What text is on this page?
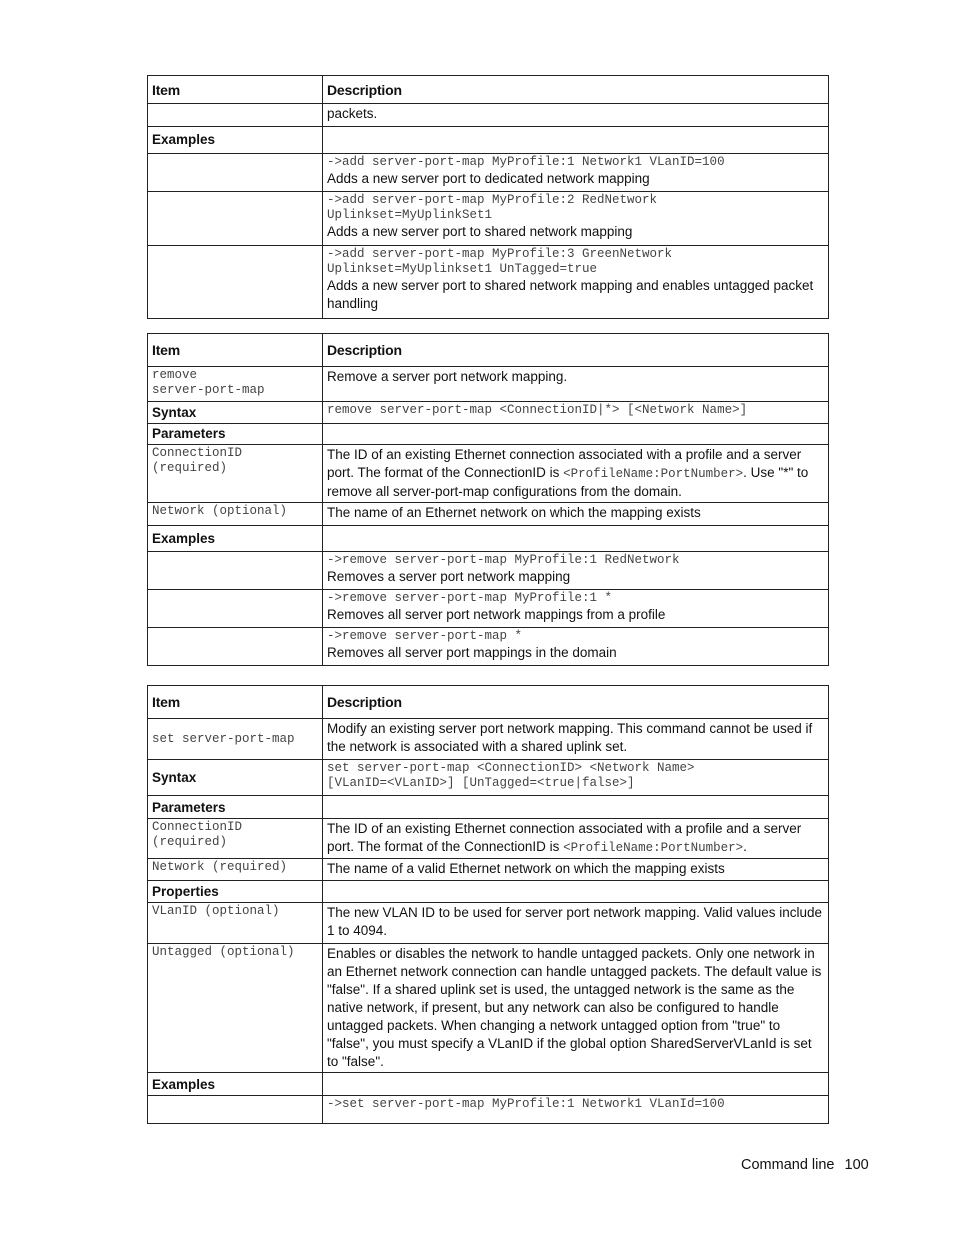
Item	Description
	packets.
Examples	

	->add server-port-map MyProfile:1 Network1 VLanID=100
Adds a new server port to dedicated network mapping

	->add server-port-map MyProfile:2 RedNetwork
Uplinkset=MyUplinkSet1
Adds a new server port to shared network mapping

	->add server-port-map MyProfile:3 GreenNetwork
Uplinkset=MyUplinkset1 UnTagged=true
Adds a new server port to shared network mapping and enables untagged packet handling
Item	Description

remove
server-port-map	Remove a server port network mapping.
Syntax	remove server-port-map <ConnectionID|*> [<Network Name>]

Parameters	

ConnectionID
(required)	The ID of an existing Ethernet connection associated with a profile and a server port. The format of the ConnectionID is <ProfileName:PortNumber>. Use "*" to remove all server-port-map configurations from the domain.

Network (optional)	The name of an Ethernet network on which the mapping exists
Examples	

	->remove server-port-map MyProfile:1 RedNetwork
Removes a server port network mapping

	->remove server-port-map MyProfile:1 *
Removes all server port network mappings from a profile

	->remove server-port-map *
Removes all server port mappings in the domain
Item	Description

set server-port-map	Modify an existing server port network mapping. This command cannot be used if the network is associated with a shared uplink set.
Syntax	set server-port-map <ConnectionID> <Network Name>
[VLanID=<VLanID>] [UnTagged=<true|false>]

Parameters	

ConnectionID
(required)	The ID of an existing Ethernet connection associated with a profile and a server port. The format of the ConnectionID is <ProfileName:PortNumber>.

Network (required)	The name of a valid Ethernet network on which the mapping exists
Properties	

VLanID (optional)	The new VLAN ID to be used for server port network mapping. Valid values include 1 to 4094.

Untagged (optional)	Enables or disables the network to handle untagged packets. Only one network in an Ethernet network connection can handle untagged packets. The default value is "false". If a shared uplink set is used, the untagged network is the same as the native network, if present, but any network can also be configured to handle untagged packets. When changing a network untagged option from "true" to "false", you must specify a VLanID if the global option SharedServerVLanId is set to "false".
Examples	

	->set server-port-map MyProfile:1 Network1 VLanId=100
Command line 100
